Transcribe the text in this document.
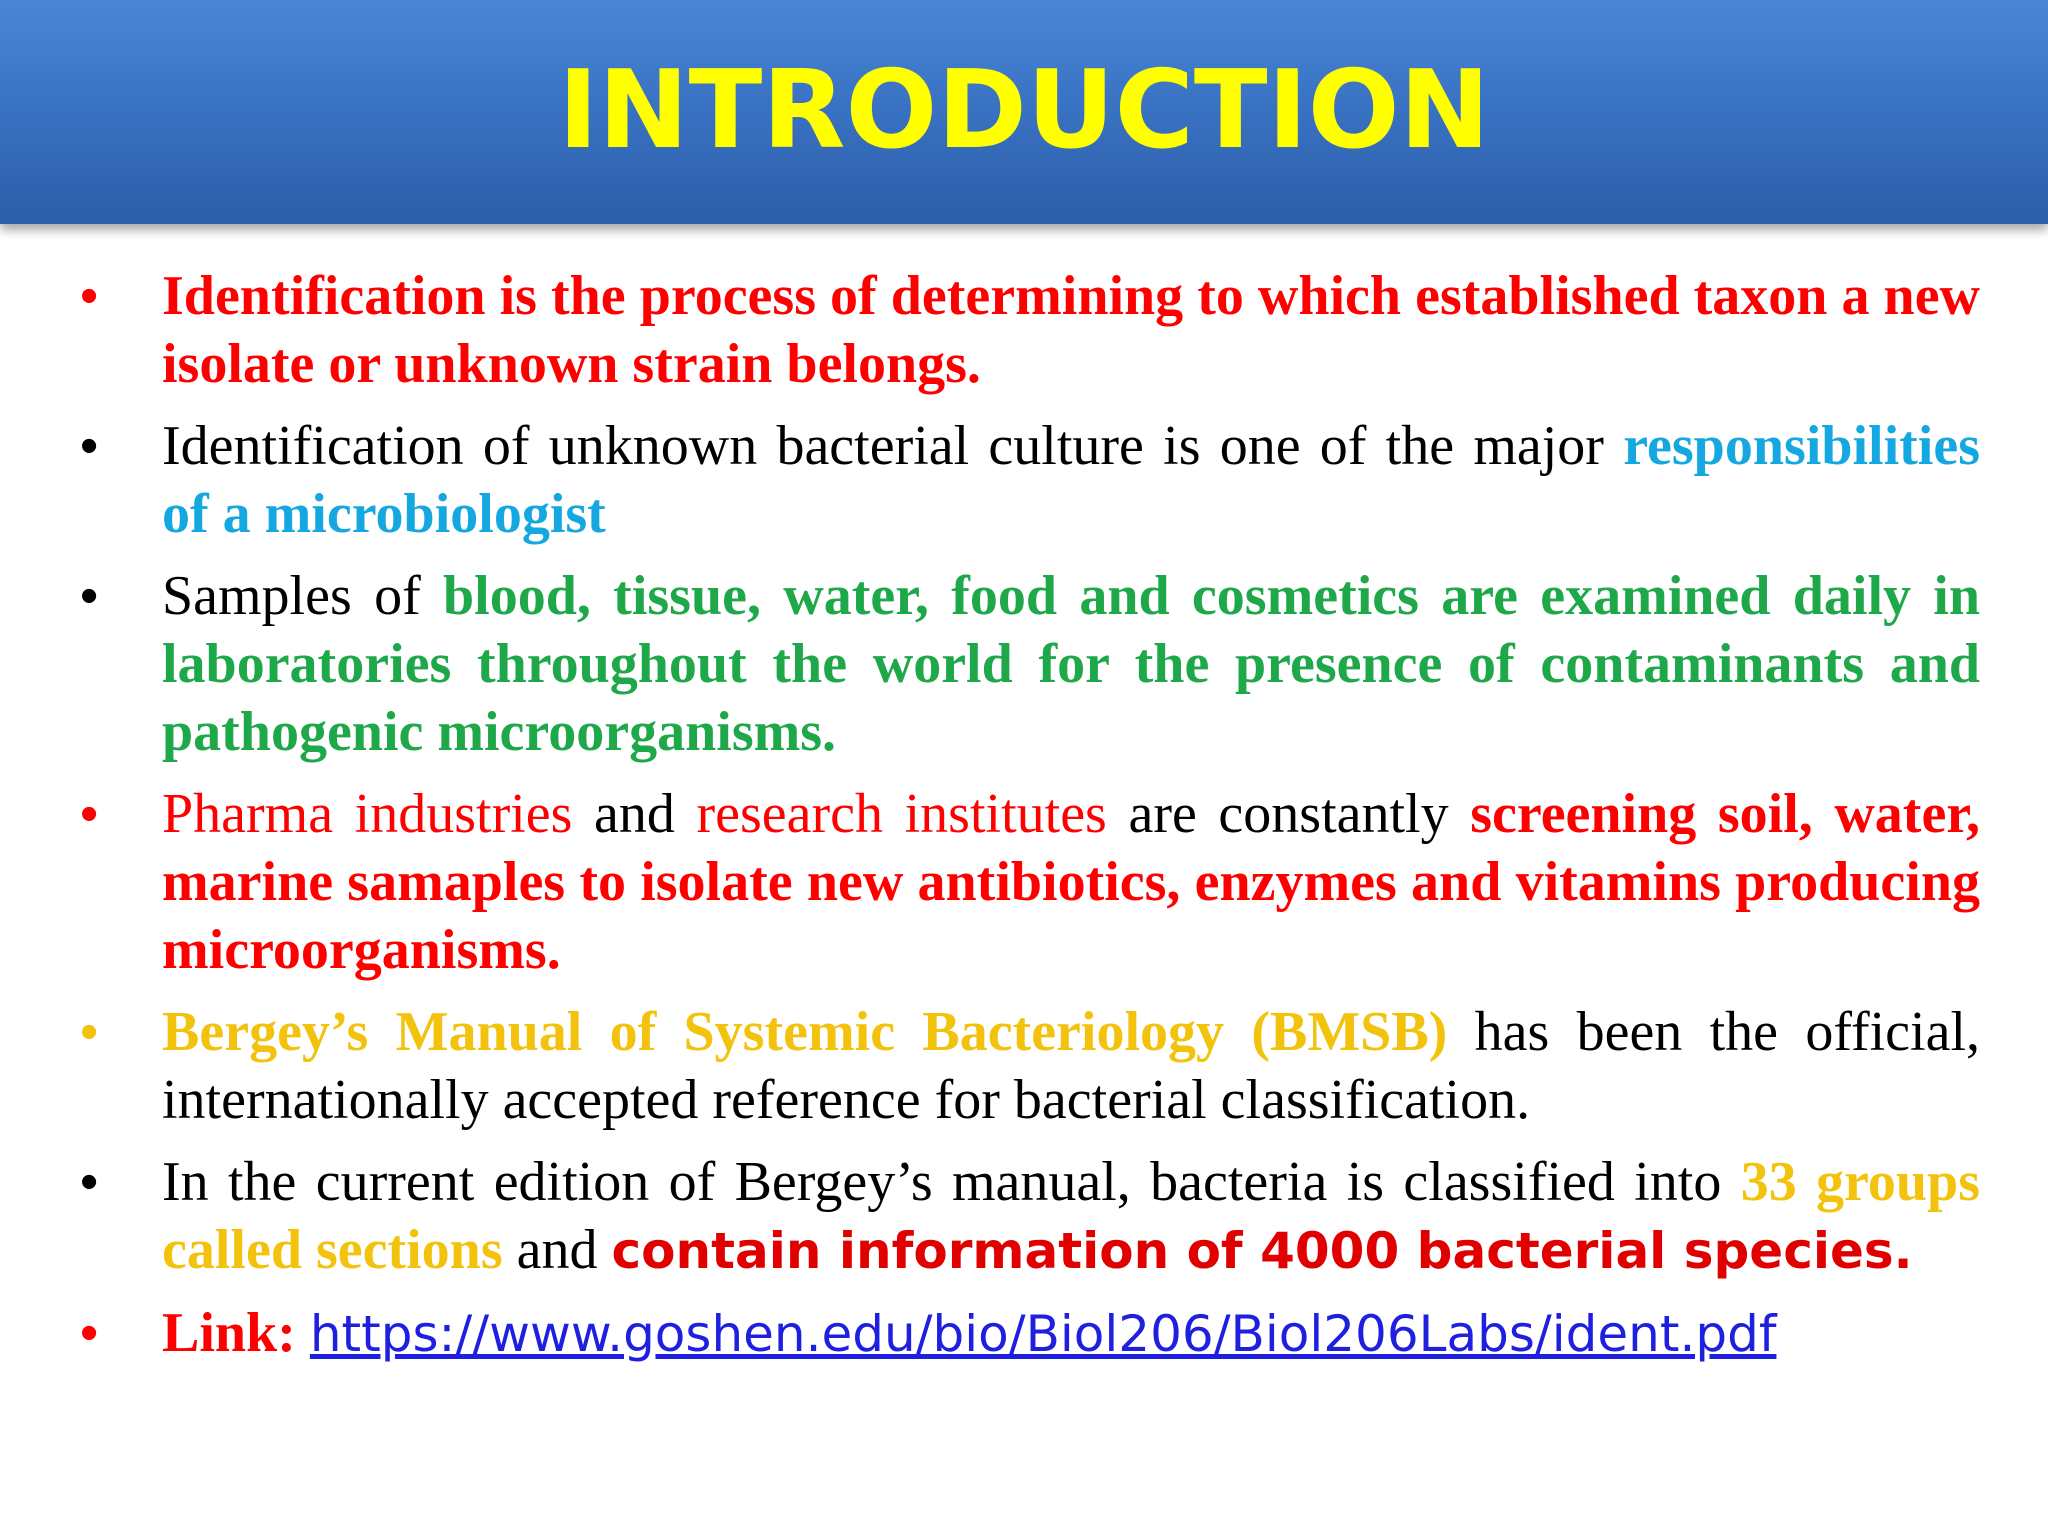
INTRODUCTION
• Identification is the process of determining to which established taxon a new isolate or unknown strain belongs.
• Identification of unknown bacterial culture is one of the major responsibilities of a microbiologist
• Samples of blood, tissue, water, food and cosmetics are examined daily in laboratories throughout the world for the presence of contaminants and pathogenic microorganisms.
• Pharma industries and research institutes are constantly screening soil, water, marine samaples to isolate new antibiotics, enzymes and vitamins producing microorganisms.
• Bergey’s Manual of Systemic Bacteriology (BMSB) has been the official, internationally accepted reference for bacterial classification.
• In the current edition of Bergey’s manual, bacteria is classified into 33 groups called sections and contain information of 4000 bacterial species.
• Link: https://www.goshen.edu/bio/Biol206/Biol206Labs/ident.pdf
